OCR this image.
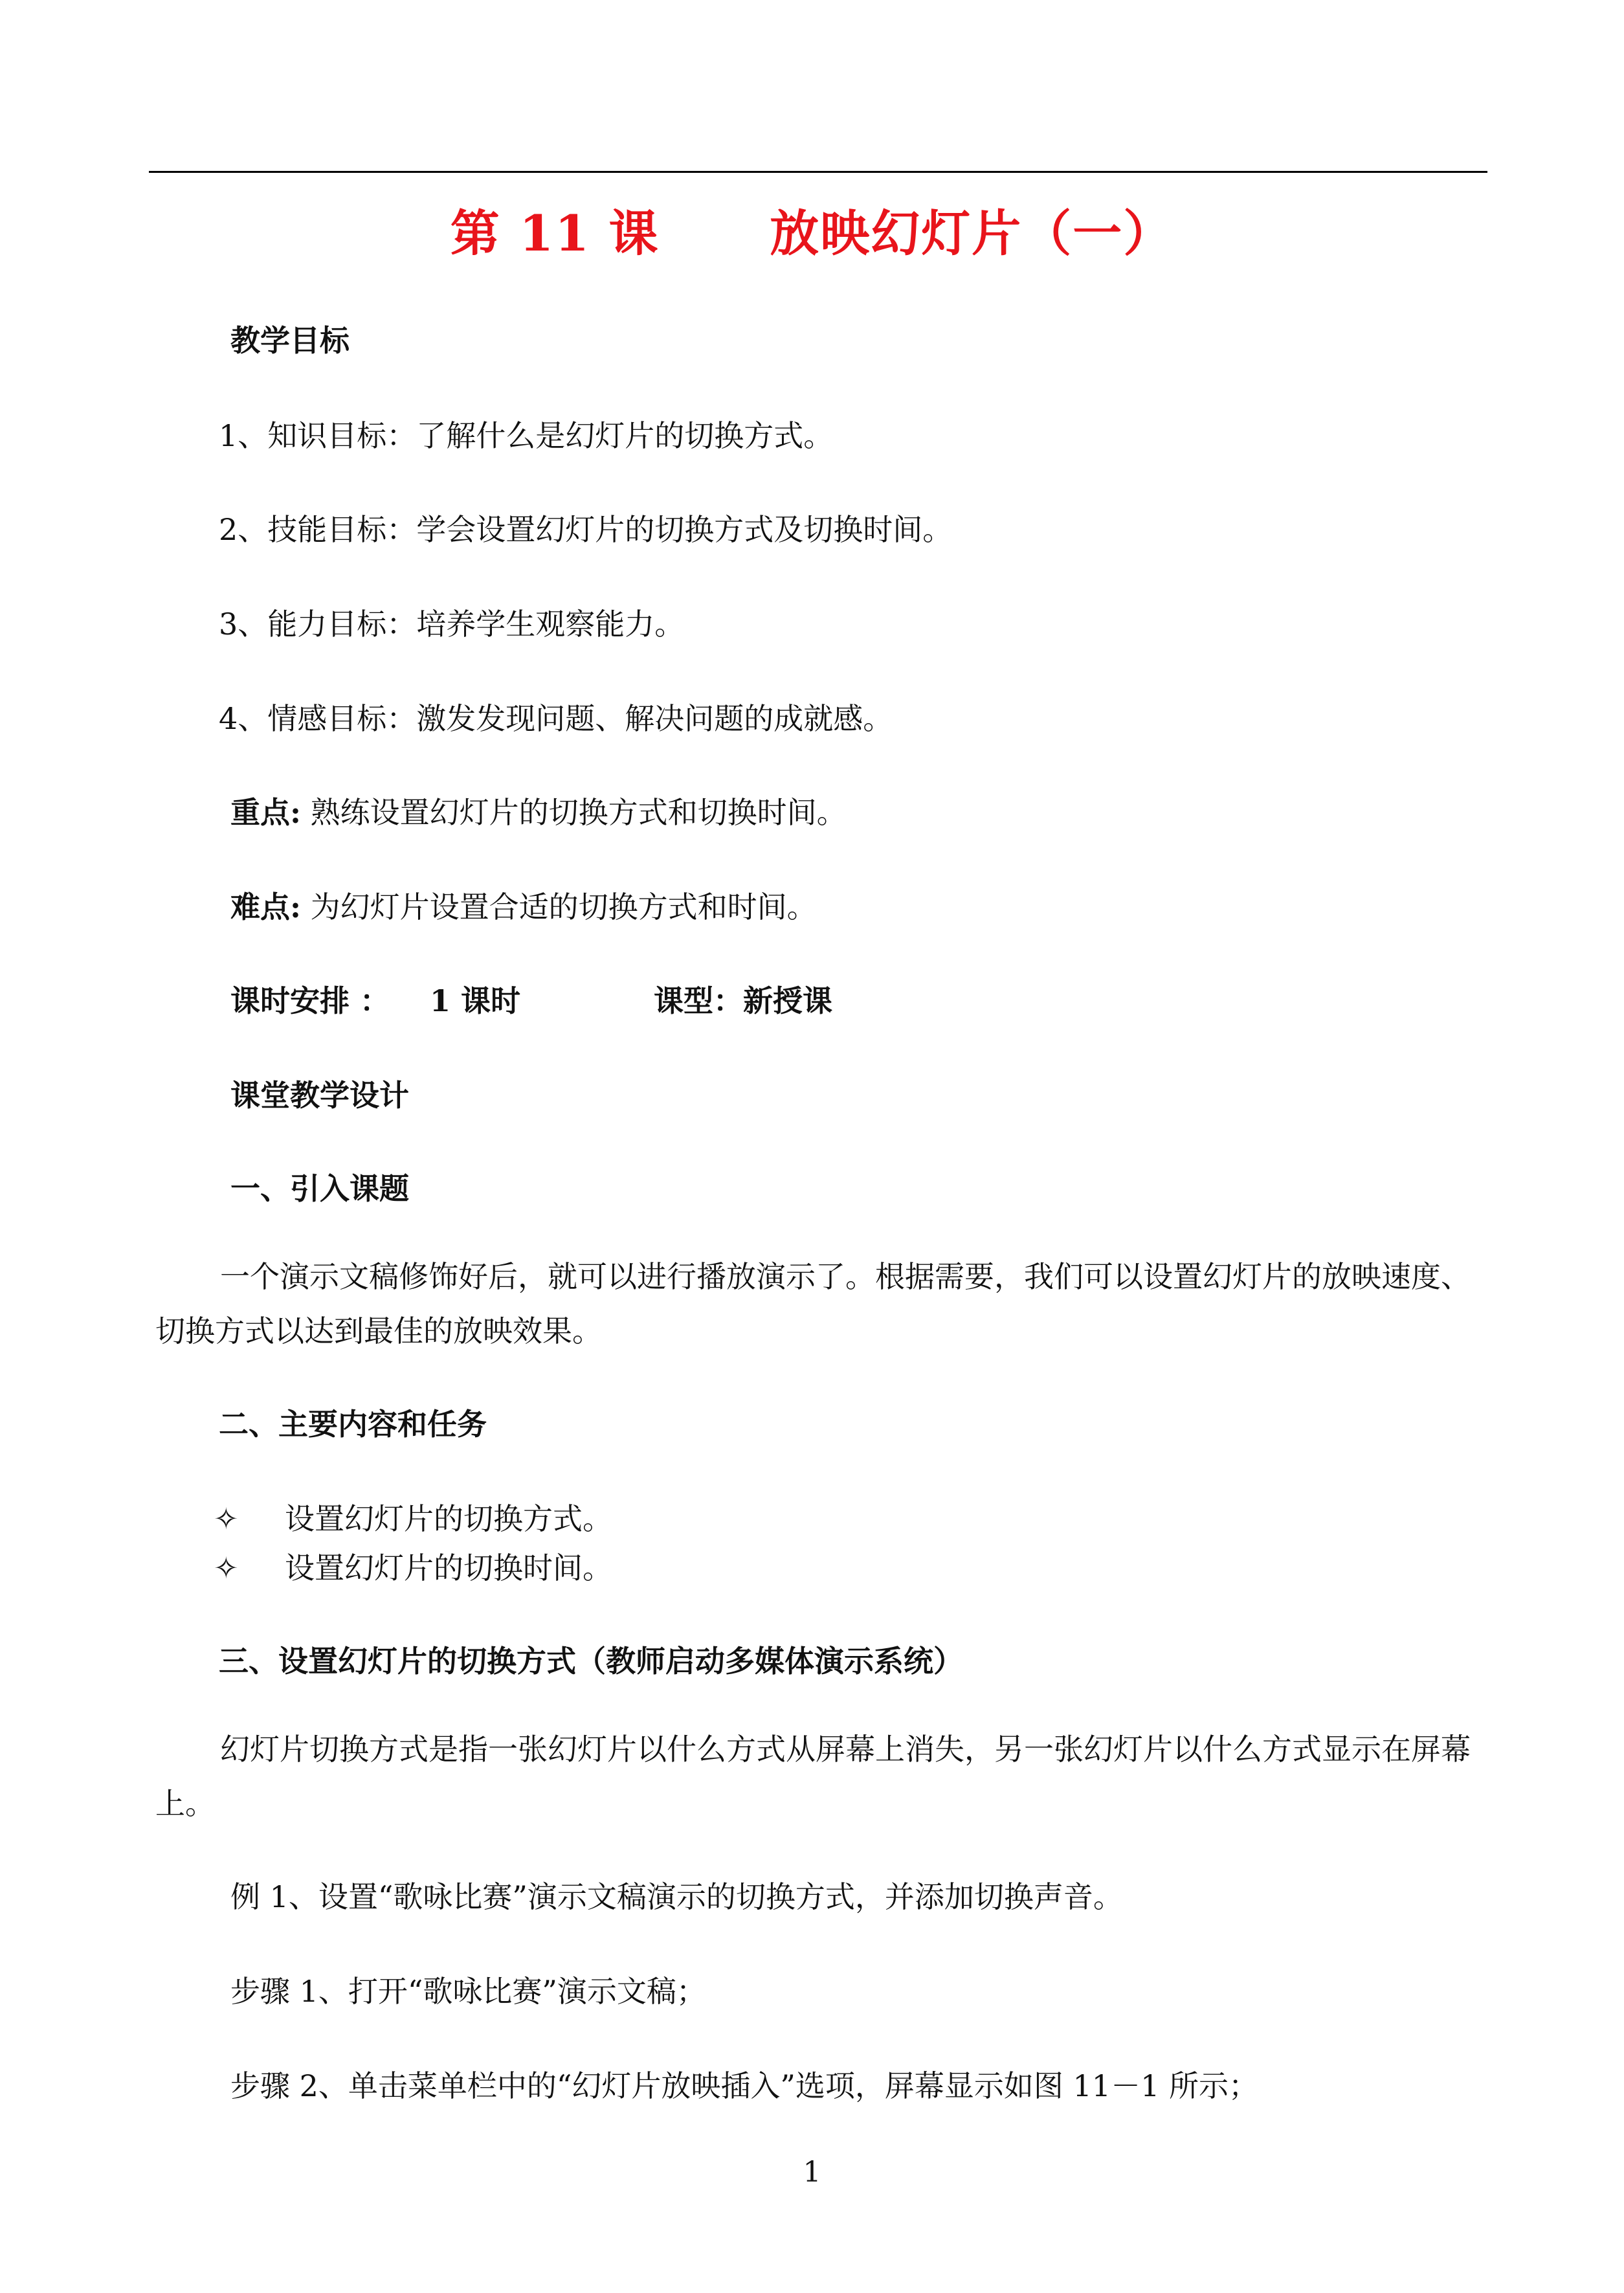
第 11 课 放映幻灯片（一）
教学目标
1、知识目标：了解什么是幻灯片的切换方式。
2、技能目标：学会设置幻灯片的切换方式及切换时间。
3、能力目标：培养学生观察能力。
4、情感目标：激发发现问题、解决问题的成就感。
重点: 熟练设置幻灯片的切换方式和切换时间。
难点: 为幻灯片设置合适的切换方式和时间。
课时安排 ： 1 课时	课型：新授课
课堂教学设计
一、引入课题
一个演示文稿修饰好后，就可以进行播放演示了。根据需要，我们可以设置幻灯片的放映速度、切换方式以达到最佳的放映效果。
二、主要内容和任务
✧ 设置幻灯片的切换方式。
✧ 设置幻灯片的切换时间。
三、设置幻灯片的切换方式（教师启动多媒体演示系统）
幻灯片切换方式是指一张幻灯片以什么方式从屏幕上消失，另一张幻灯片以什么方式显示在屏幕上。
例 1、设置“歌咏比赛”演示文稿演示的切换方式，并添加切换声音。
步骤 1、打开“歌咏比赛”演示文稿；
步骤 2、单击菜单栏中的“幻灯片放映插入”选项，屏幕显示如图 11－1 所示；
1
